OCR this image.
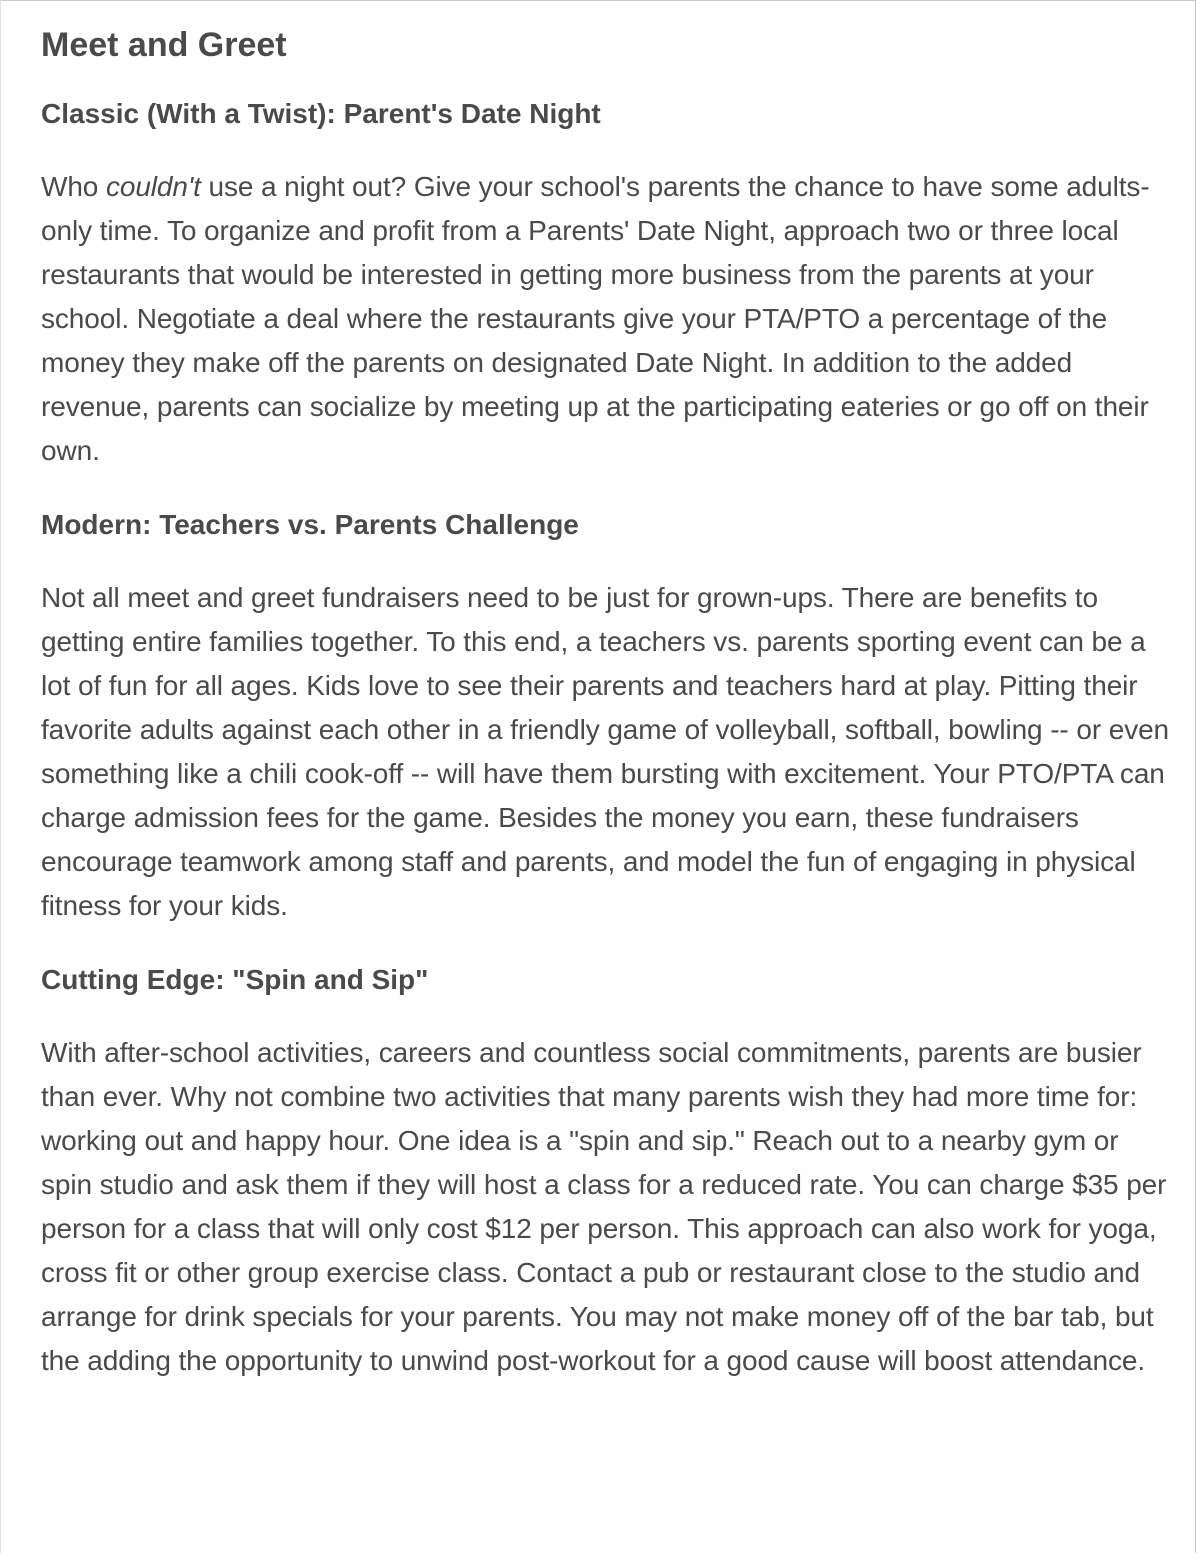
Meet and Greet
Classic (With a Twist): Parent's Date Night

Who couldn't use a night out? Give your school's parents the chance to have some adults-only time. To organize and profit from a Parents' Date Night, approach two or three local restaurants that would be interested in getting more business from the parents at your school. Negotiate a deal where the restaurants give your PTA/PTO a percentage of the money they make off the parents on designated Date Night. In addition to the added revenue, parents can socialize by meeting up at the participating eateries or go off on their own.

Modern: Teachers vs. Parents Challenge

Not all meet and greet fundraisers need to be just for grown-ups. There are benefits to getting entire families together. To this end, a teachers vs. parents sporting event can be a lot of fun for all ages. Kids love to see their parents and teachers hard at play. Pitting their favorite adults against each other in a friendly game of volleyball, softball, bowling -- or even something like a chili cook-off -- will have them bursting with excitement. Your PTO/PTA can charge admission fees for the game. Besides the money you earn, these fundraisers encourage teamwork among staff and parents, and model the fun of engaging in physical fitness for your kids.

Cutting Edge: "Spin and Sip"

With after-school activities, careers and countless social commitments, parents are busier than ever. Why not combine two activities that many parents wish they had more time for: working out and happy hour. One idea is a "spin and sip." Reach out to a nearby gym or spin studio and ask them if they will host a class for a reduced rate. You can charge $35 per person for a class that will only cost $12 per person. This approach can also work for yoga, cross fit or other group exercise class. Contact a pub or restaurant close to the studio and arrange for drink specials for your parents. You may not make money off of the bar tab, but the adding the opportunity to unwind post-workout for a good cause will boost attendance.
